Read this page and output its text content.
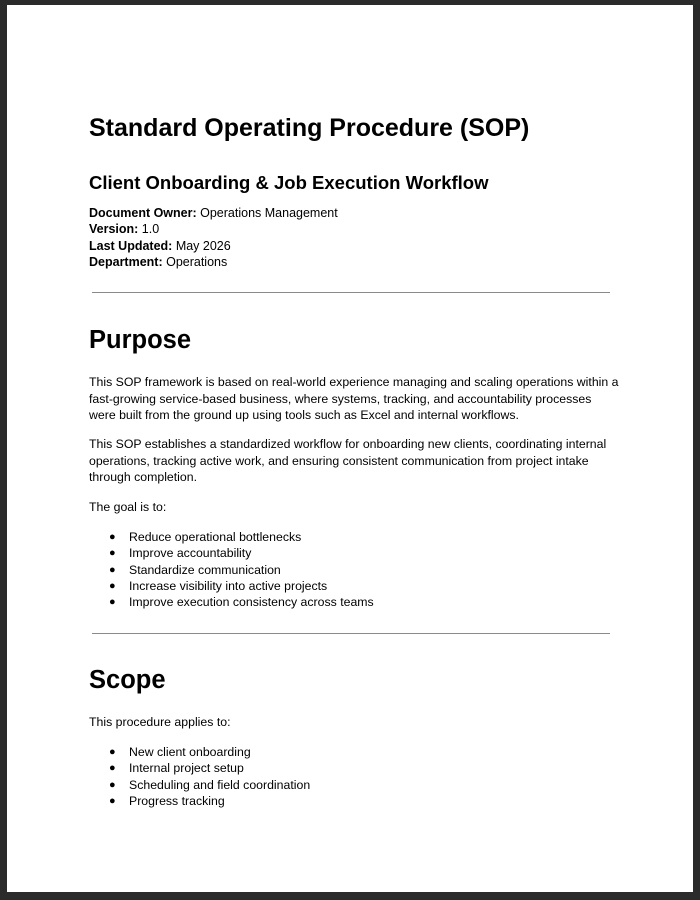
Standard Operating Procedure (SOP)
Client Onboarding & Job Execution Workflow
Document Owner: Operations Management
Version: 1.0
Last Updated: May 2026
Department: Operations
Purpose

This SOP framework is based on real-world experience managing and scaling operations within a fast-growing service-based business, where systems, tracking, and accountability processes were built from the ground up using tools such as Excel and internal workflows.

This SOP establishes a standardized workflow for onboarding new clients, coordinating internal operations, tracking active work, and ensuring consistent communication from project intake through completion.

The goal is to:

● Reduce operational bottlenecks
● Improve accountability
● Standardize communication
● Increase visibility into active projects
● Improve execution consistency across teams
Scope

This procedure applies to:

● New client onboarding
● Internal project setup
● Scheduling and field coordination
● Progress tracking
